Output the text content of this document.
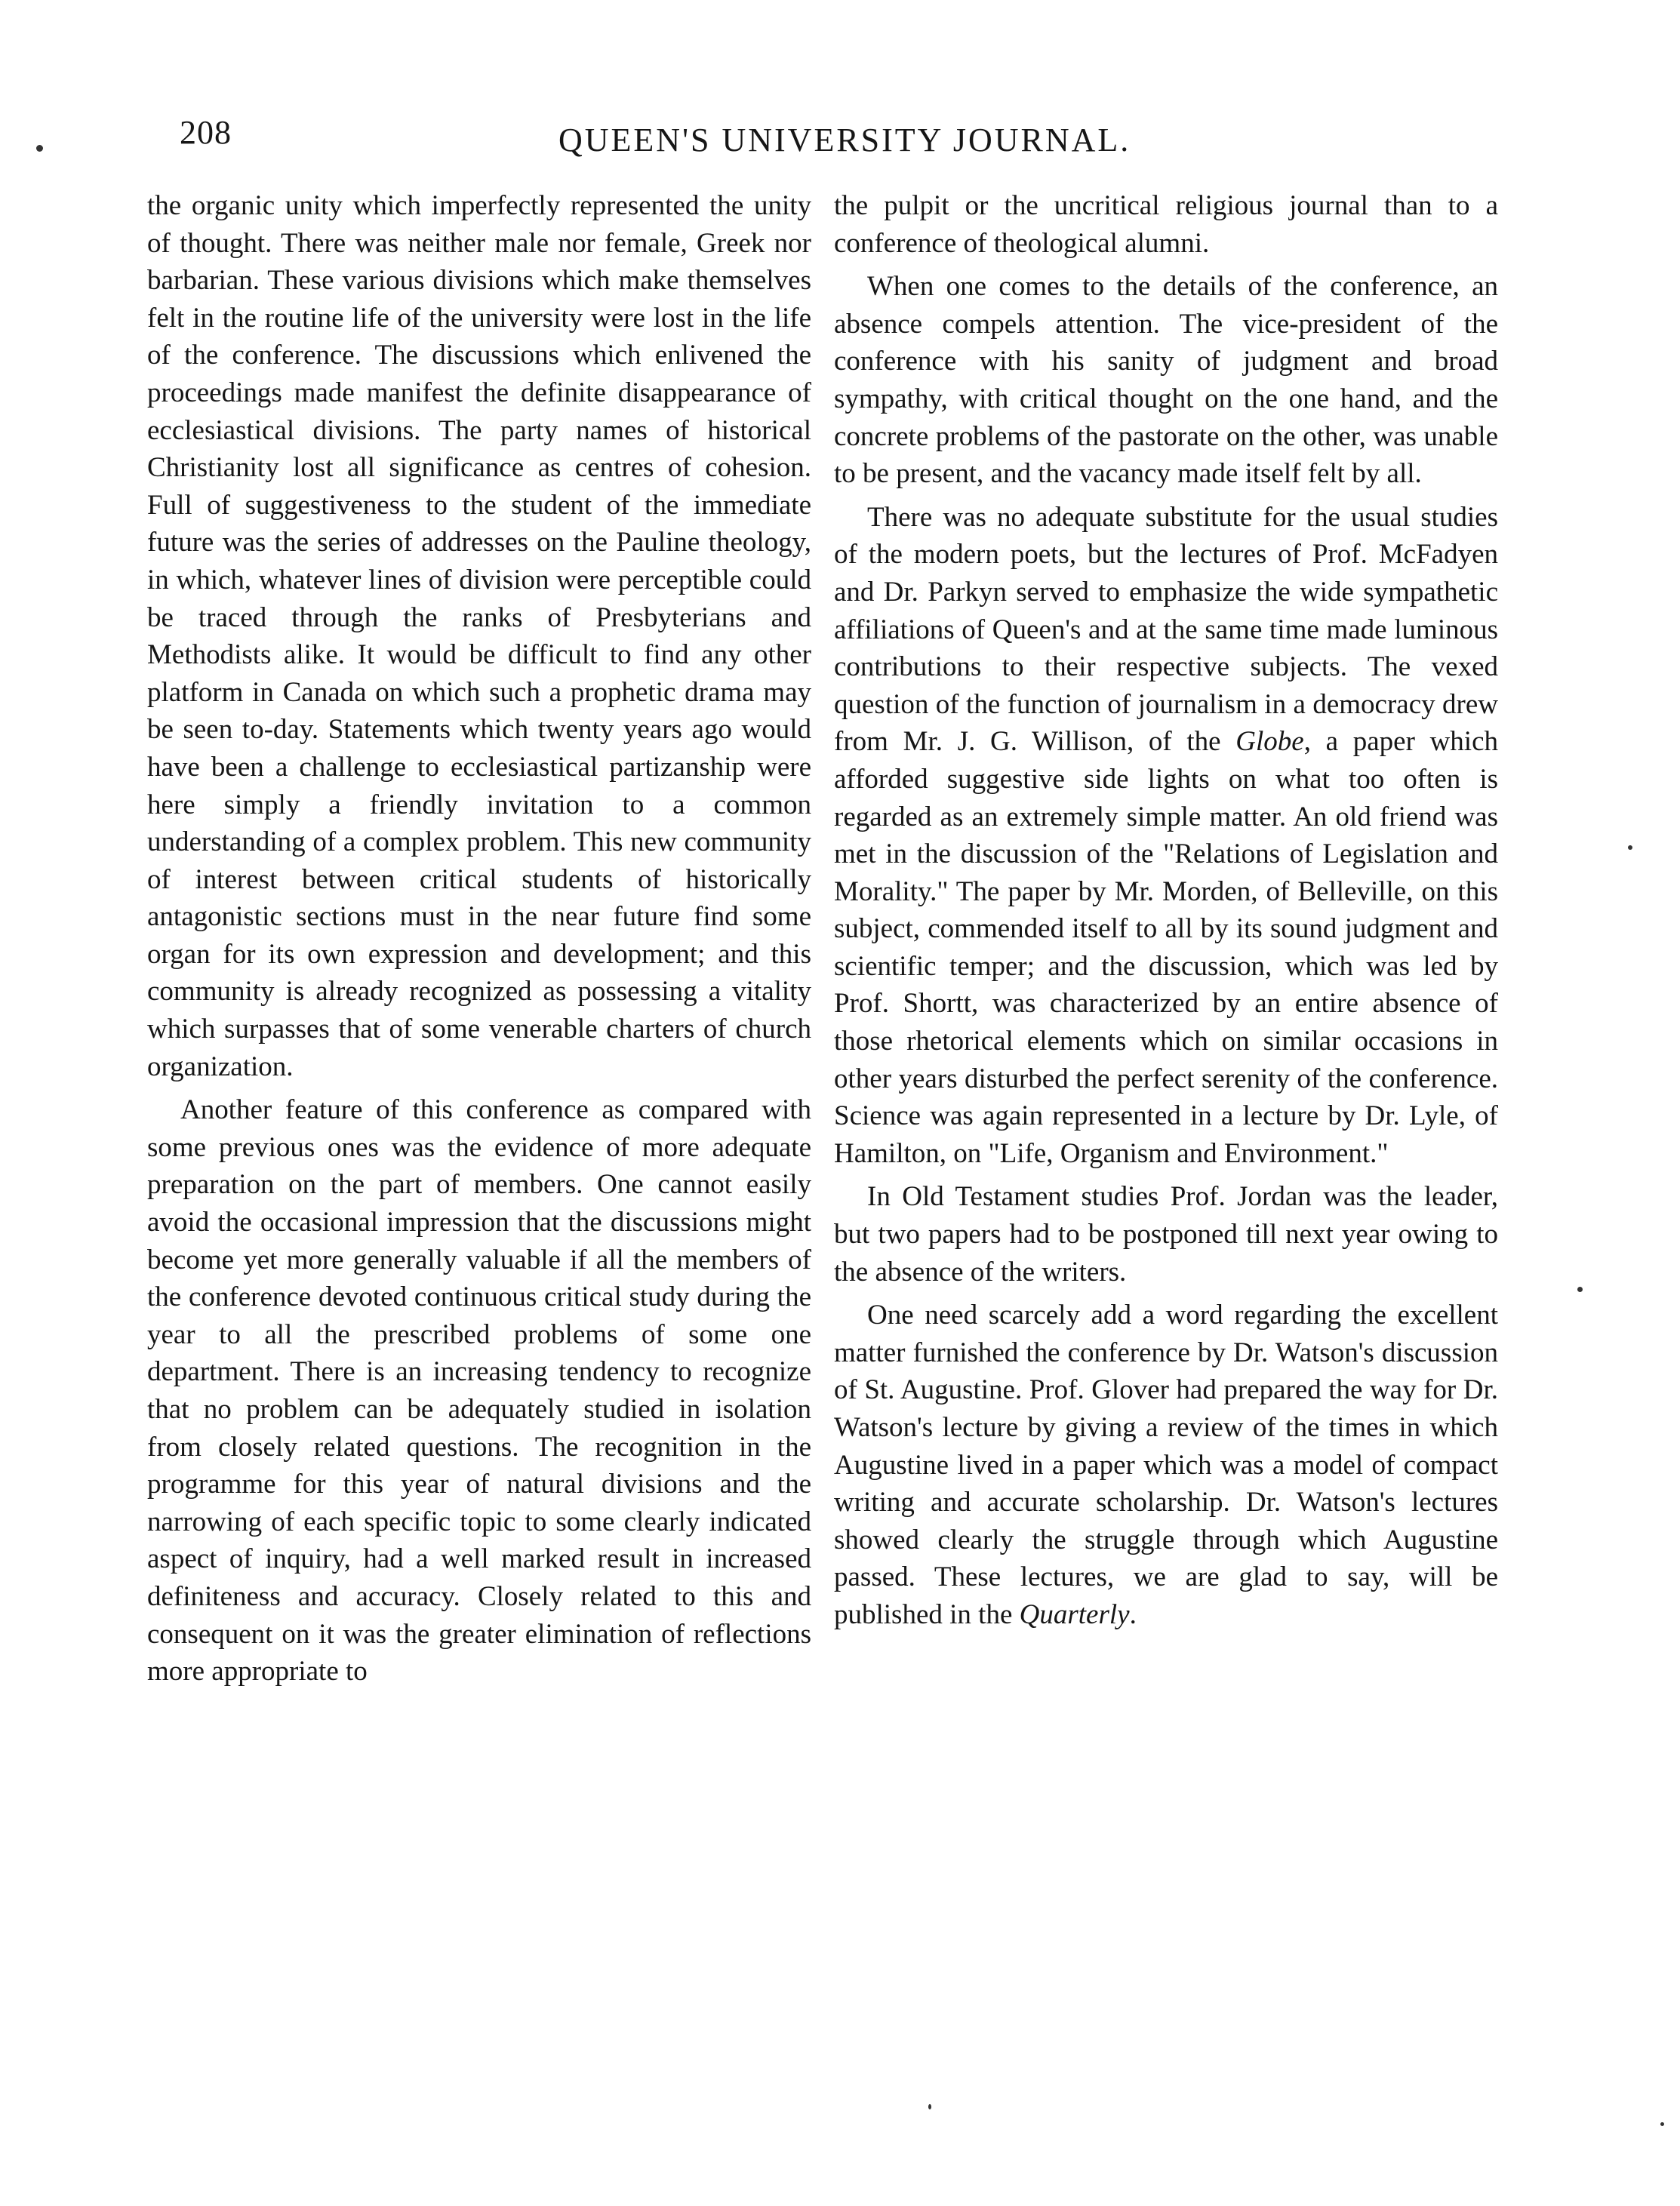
208	QUEEN'S UNIVERSITY JOURNAL.

the organic unity which imperfectly represented the unity of thought. There was neither male nor female, Greek nor barbarian. These various divisions which make themselves felt in the routine life of the university were lost in the life of the conference. The discussions which enlivened the proceedings made manifest the definite disappearance of ecclesiastical divisions. The party names of historical Christianity lost all significance as centres of cohesion. Full of suggestiveness to the student of the immediate future was the series of addresses on the Pauline theology, in which, whatever lines of division were perceptible could be traced through the ranks of Presbyterians and Methodists alike. It would be difficult to find any other platform in Canada on which such a prophetic drama may be seen to-day. Statements which twenty years ago would have been a challenge to ecclesiastical partizanship were here simply a friendly invitation to a common understanding of a complex problem. This new community of interest between critical students of historically antagonistic sections must in the near future find some organ for its own expression and development; and this community is already recognized as possessing a vitality which surpasses that of some venerable charters of church organization.

Another feature of this conference as compared with some previous ones was the evidence of more adequate preparation on the part of members. One cannot easily avoid the occasional impression that the discussions might become yet more generally valuable if all the members of the conference devoted continuous critical study during the year to all the prescribed problems of some one department. There is an increasing tendency to recognize that no problem can be adequately studied in isolation from closely related questions. The recognition in the programme for this year of natural divisions and the narrowing of each specific topic to some clearly indicated aspect of inquiry, had a well marked result in increased definiteness and accuracy. Closely related to this and consequent on it was the greater elimination of reflections more appropriate to

the pulpit or the uncritical religious journal than to a conference of theological alumni.

When one comes to the details of the conference, an absence compels attention. The vice-president of the conference with his sanity of judgment and broad sympathy, with critical thought on the one hand, and the concrete problems of the pastorate on the other, was unable to be present, and the vacancy made itself felt by all.

There was no adequate substitute for the usual studies of the modern poets, but the lectures of Prof. McFadyen and Dr. Parkyn served to emphasize the wide sympathetic affiliations of Queen's and at the same time made luminous contributions to their respective subjects. The vexed question of the function of journalism in a democracy drew from Mr. J. G. Willison, of the Globe, a paper which afforded suggestive side lights on what too often is regarded as an extremely simple matter. An old friend was met in the discussion of the "Relations of Legislation and Morality." The paper by Mr. Morden, of Belleville, on this subject, commended itself to all by its sound judgment and scientific temper; and the discussion, which was led by Prof. Shortt, was characterized by an entire absence of those rhetorical elements which on similar occasions in other years disturbed the perfect serenity of the conference. Science was again represented in a lecture by Dr. Lyle, of Hamilton, on "Life, Organism and Environment."

In Old Testament studies Prof. Jordan was the leader, but two papers had to be postponed till next year owing to the absence of the writers.

One need scarcely add a word regarding the excellent matter furnished the conference by Dr. Watson's discussion of St. Augustine. Prof. Glover had prepared the way for Dr. Watson's lecture by giving a review of the times in which Augustine lived in a paper which was a model of compact writing and accurate scholarship. Dr. Watson's lectures showed clearly the struggle through which Augustine passed. These lectures, we are glad to say, will be published in the Quarterly.
